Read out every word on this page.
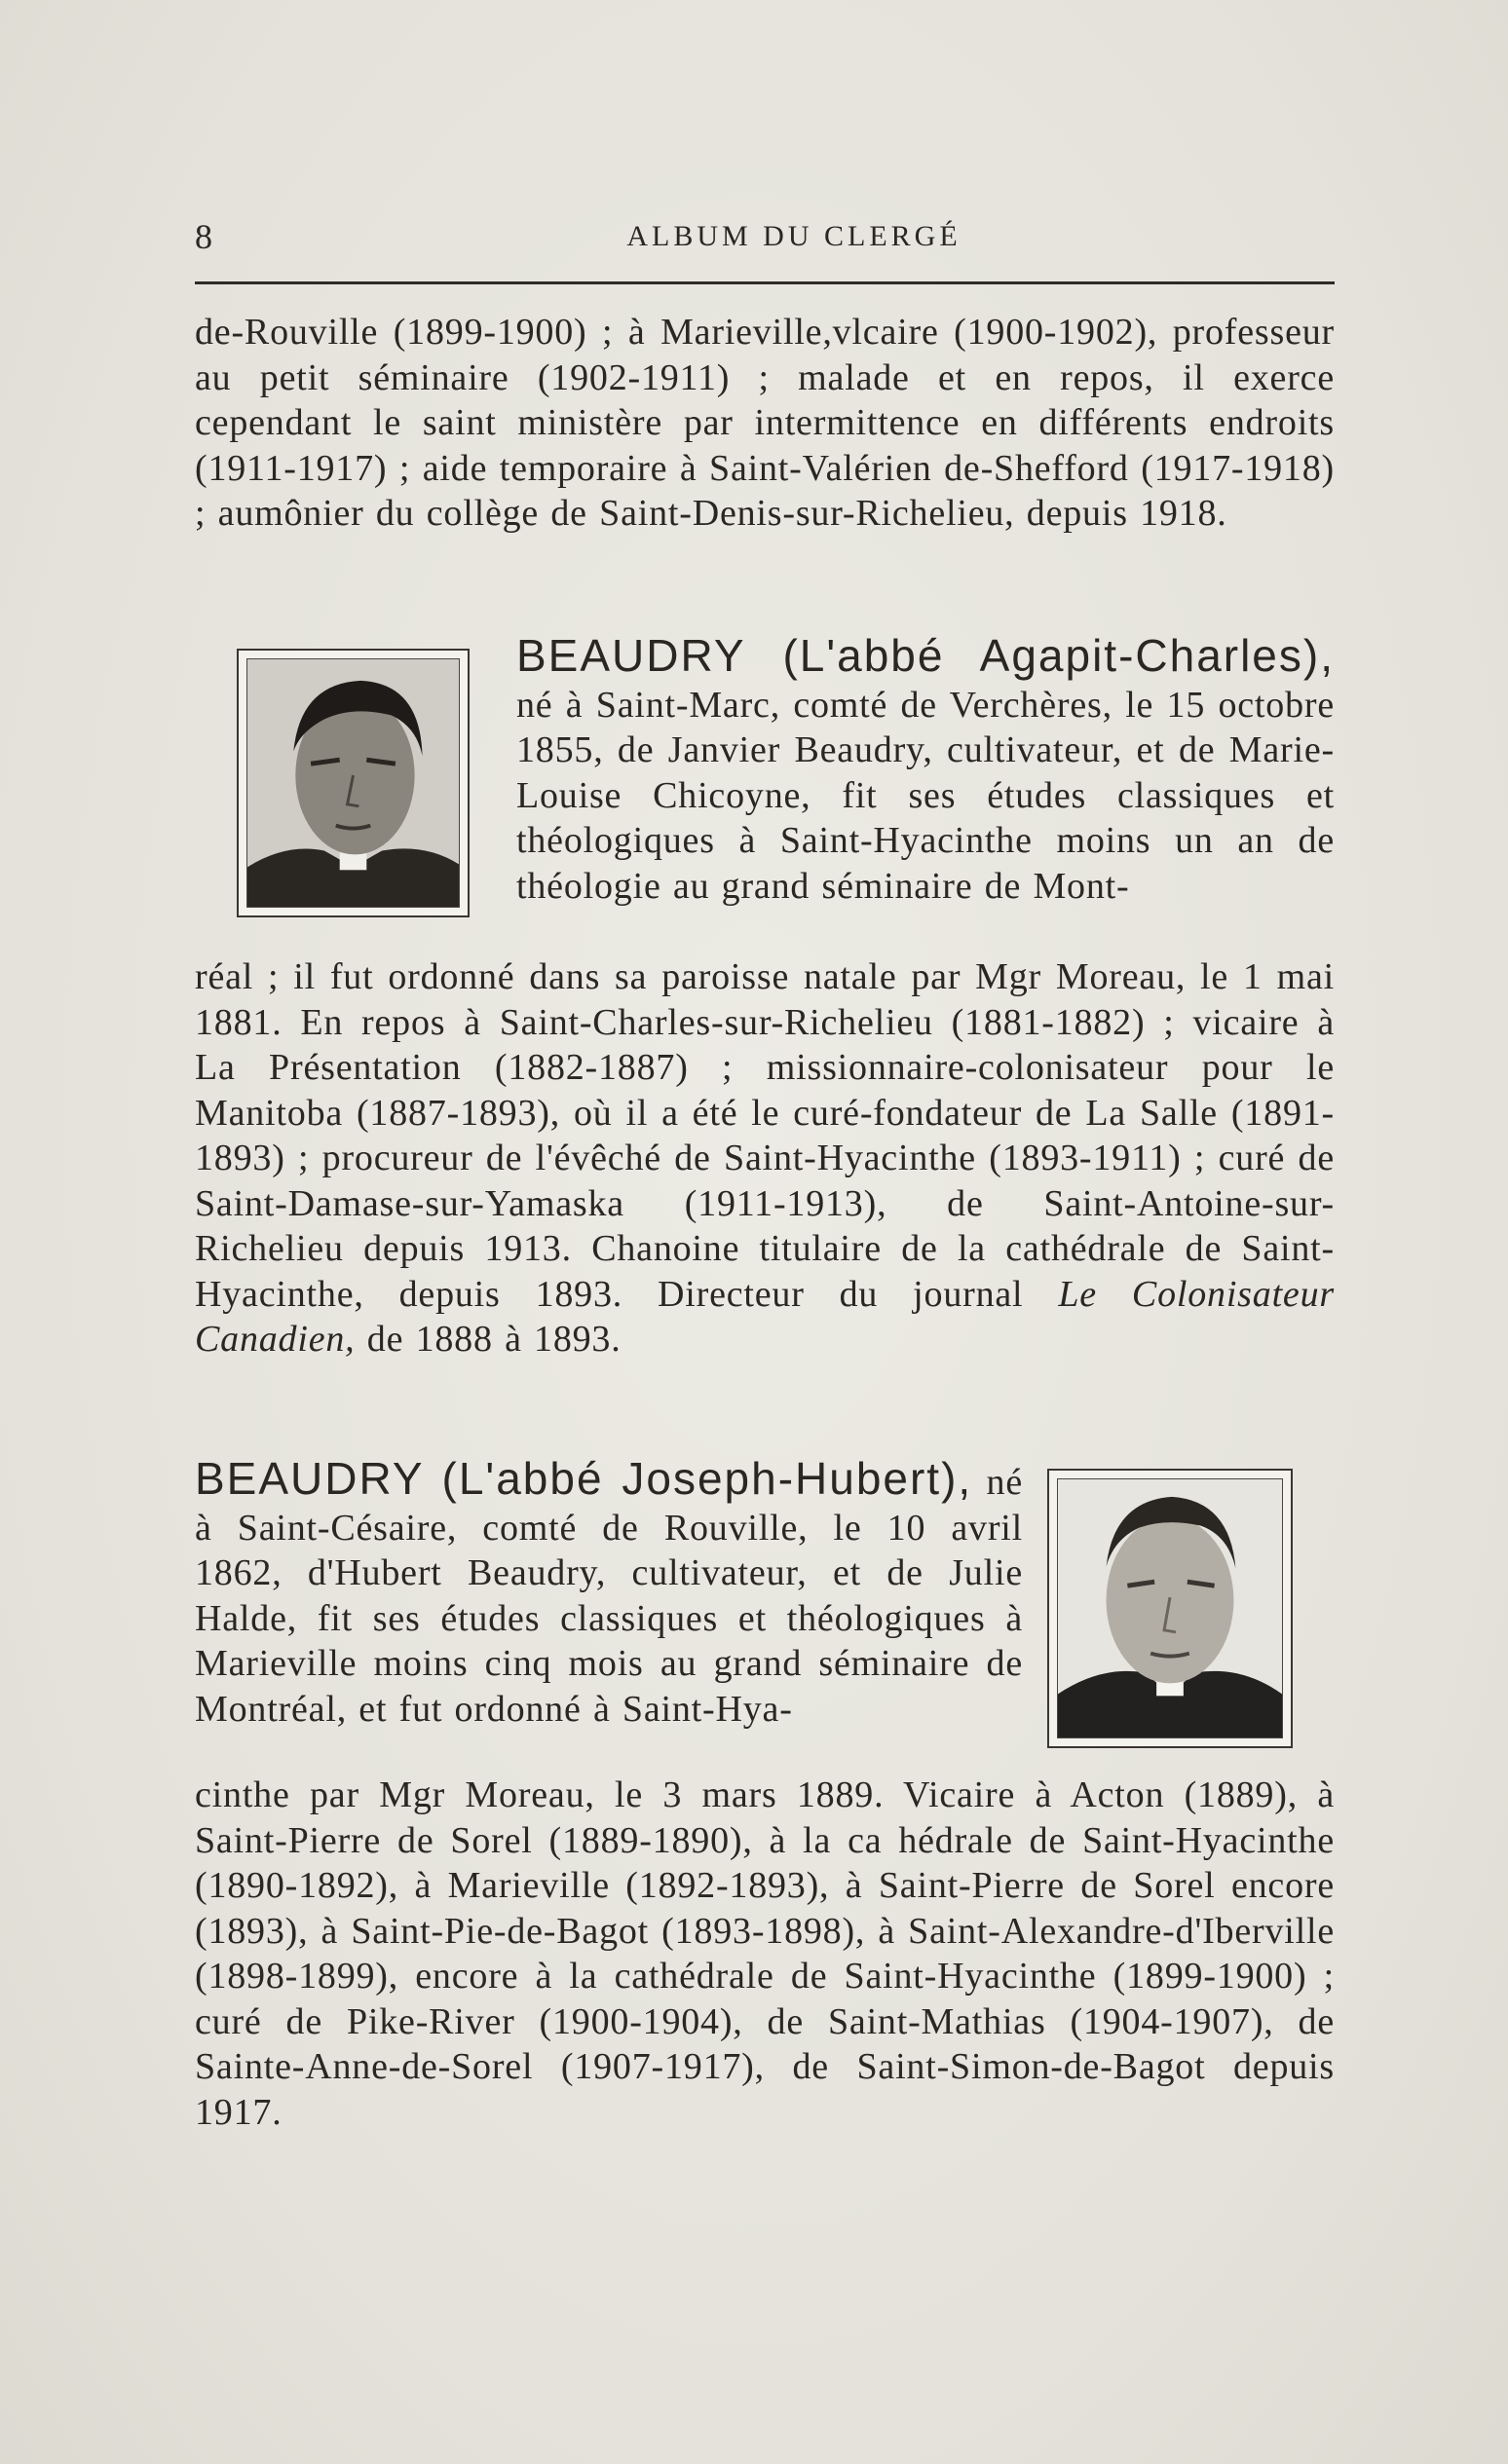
8	ALBUM DU CLERGÉ
de-Rouville (1899-1900) ; à Marieville,vlcaire (1900-1902), professeur au petit séminaire (1902-1911) ; malade et en repos, il exerce cependant le saint ministère par intermittence en différents endroits (1911-1917) ; aide temporaire à Saint-Valérien de-Shefford (1917-1918) ; aumônier du collège de Saint-Denis-sur-Richelieu, depuis 1918.
BEAUDRY (L'abbé Agapit-Charles), né à Saint-Marc, comté de Verchères, le 15 octobre 1855, de Janvier Beaudry, cultivateur, et de Marie-Louise Chicoyne, fit ses études classiques et théologiques à Saint-Hyacinthe moins un an de théologie au grand séminaire de Mont-
réal ; il fut ordonné dans sa paroisse natale par Mgr Moreau, le 1 mai 1881. En repos à Saint-Charles-sur-Richelieu (1881-1882) ; vicaire à La Présentation (1882-1887) ; missionnaire-colonisateur pour le Manitoba (1887-1893), où il a été le curé-fondateur de La Salle (1891-1893) ; procureur de l'évêché de Saint-Hyacinthe (1893-1911) ; curé de Saint-Damase-sur-Yamaska (1911-1913), de Saint-Antoine-sur-Richelieu depuis 1913. Chanoine titulaire de la cathédrale de Saint-Hyacinthe, depuis 1893. Directeur du journal Le Colonisateur Canadien, de 1888 à 1893.
BEAUDRY (L'abbé Joseph-Hubert), né à Saint-Césaire, comté de Rouville, le 10 avril 1862, d'Hubert Beaudry, cultivateur, et de Julie Halde, fit ses études classiques et théologiques à Marieville moins cinq mois au grand séminaire de Montréal, et fut ordonné à Saint-Hya-
cinthe par Mgr Moreau, le 3 mars 1889. Vicaire à Acton (1889), à Saint-Pierre de Sorel (1889-1890), à la ca hédrale de Saint-Hyacinthe (1890-1892), à Marieville (1892-1893), à Saint-Pierre de Sorel encore (1893), à Saint-Pie-de-Bagot (1893-1898), à Saint-Alexandre-d'Iberville (1898-1899), encore à la cathédrale de Saint-Hyacinthe (1899-1900) ; curé de Pike-River (1900-1904), de Saint-Mathias (1904-1907), de Sainte-Anne-de-Sorel (1907-1917), de Saint-Simon-de-Bagot depuis 1917.
